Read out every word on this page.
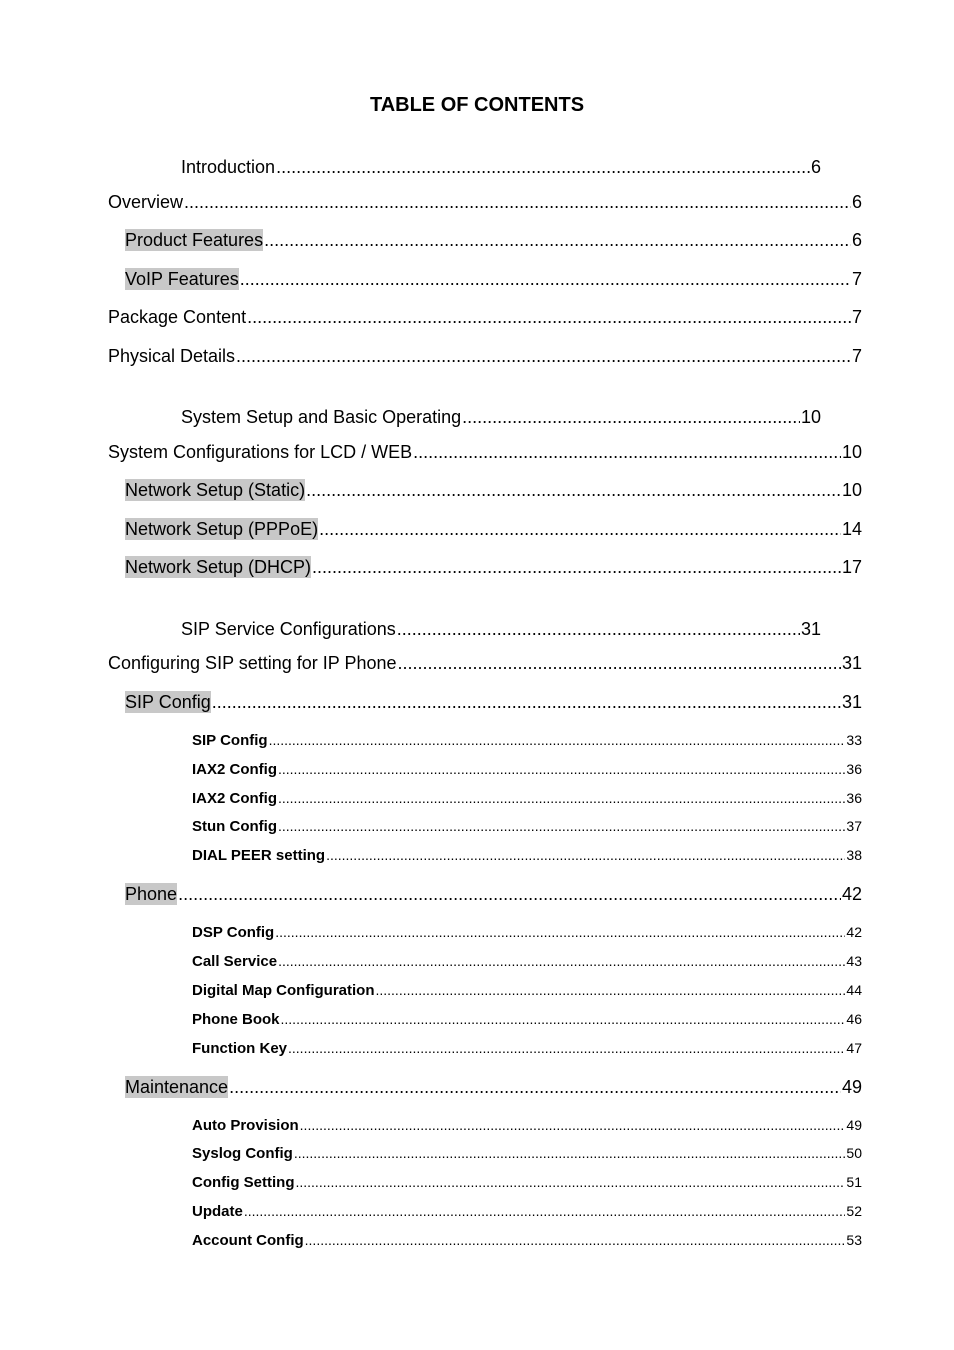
TABLE OF CONTENTS
Introduction .....	6
Overview .....	6
Product Features .....	6
VoIP Features .....	7
Package Content .....	7
Physical Details .....	7
System Setup and Basic Operating .....	10
System Configurations for LCD / WEB .....	10
Network Setup (Static) .....	10
Network Setup (PPPoE) .....	14
Network Setup (DHCP) .....	17
SIP Service Configurations .....	31
Configuring SIP setting for IP Phone .....	31
SIP Config .....	31
SIP Config .....	33
IAX2 Config .....	36
IAX2 Config .....	36
Stun Config .....	37
DIAL PEER setting .....	38
Phone .....	42
DSP Config .....	42
Call Service .....	43
Digital Map Configuration .....	44
Phone Book .....	46
Function Key .....	47
Maintenance .....	49
Auto Provision .....	49
Syslog Config .....	50
Config Setting .....	51
Update .....	52
Account Config .....	53
